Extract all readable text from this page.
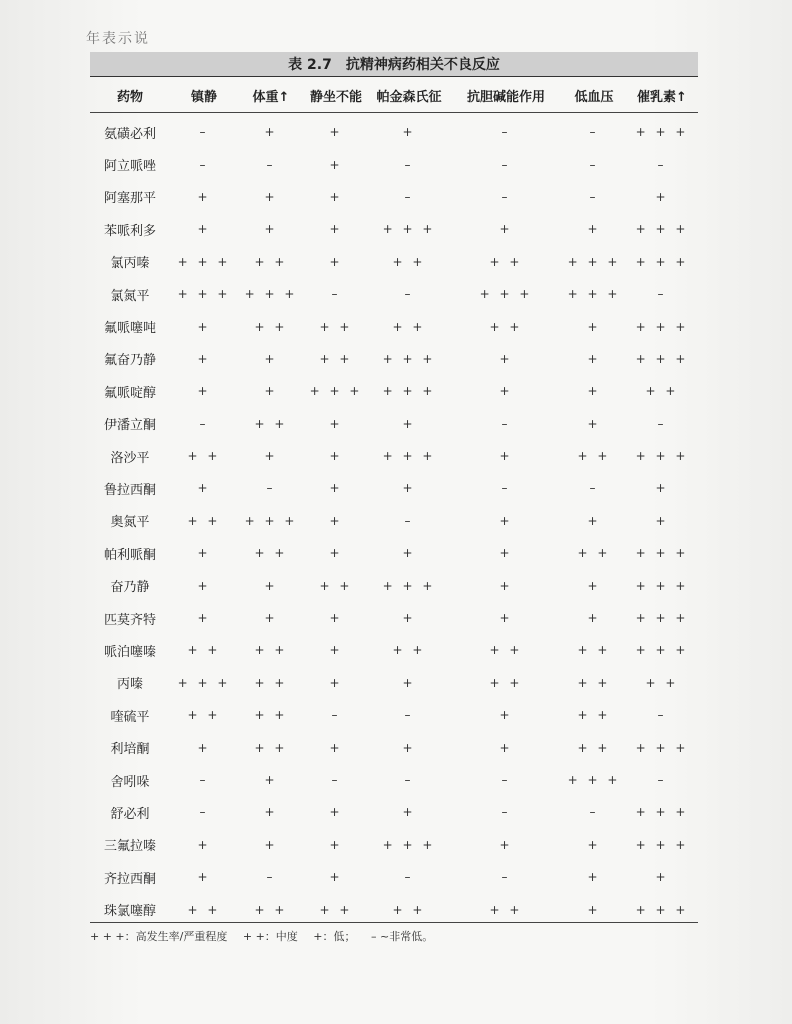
年表示说
表 2.7 抗精神病药相关不良反应
药物	镇静	体重↑	静坐不能	帕金森氏征	抗胆碱能作用	低血压	催乳素↑
氨磺必利	–	+	+	+	–	–	+ + +
阿立哌唑	–	–	+	–	–	–	–
阿塞那平	+	+	+	–	–	–	+
苯哌利多	+	+	+	+ + +	+	+	+ + +
氯丙嗪	+ + +	+ +	+	+ +	+ +	+ + +	+ + +
氯氮平	+ + +	+ + +	–	–	+ + +	+ + +	–
氟哌噻吨	+	+ +	+ +	+ +	+ +	+	+ + +
氟奋乃静	+	+	+ +	+ + +	+	+	+ + +
氟哌啶醇	+	+	+ + +	+ + +	+	+	+ +
伊潘立酮	–	+ +	+	+	–	+	–
洛沙平	+ +	+	+	+ + +	+	+ +	+ + +
鲁拉西酮	+	–	+	+	–	–	+
奥氮平	+ +	+ + +	+	–	+	+	+
帕利哌酮	+	+ +	+	+	+	+ +	+ + +
奋乃静	+	+	+ +	+ + +	+	+	+ + +
匹莫齐特	+	+	+	+	+	+	+ + +
哌泊噻嗪	+ +	+ +	+	+ +	+ +	+ +	+ + +
丙嗪	+ + +	+ +	+	+	+ +	+ +	+ +
喹硫平	+ +	+ +	–	–	+	+ +	–
利培酮	+	+ +	+	+	+	+ +	+ + +
舍吲哚	–	+	–	–	–	+ + +	–
舒必利	–	+	+	+	–	–	+ + +
三氟拉嗪	+	+	+	+ + +	+	+	+ + +
齐拉西酮	+	–	+	–	–	+	+
珠氯噻醇	+ +	+ +	+ +	+ +	+ +	+	+ + +
+ + +：高发生率/严重程度 + +：中度 +：低； – ~非常低。
